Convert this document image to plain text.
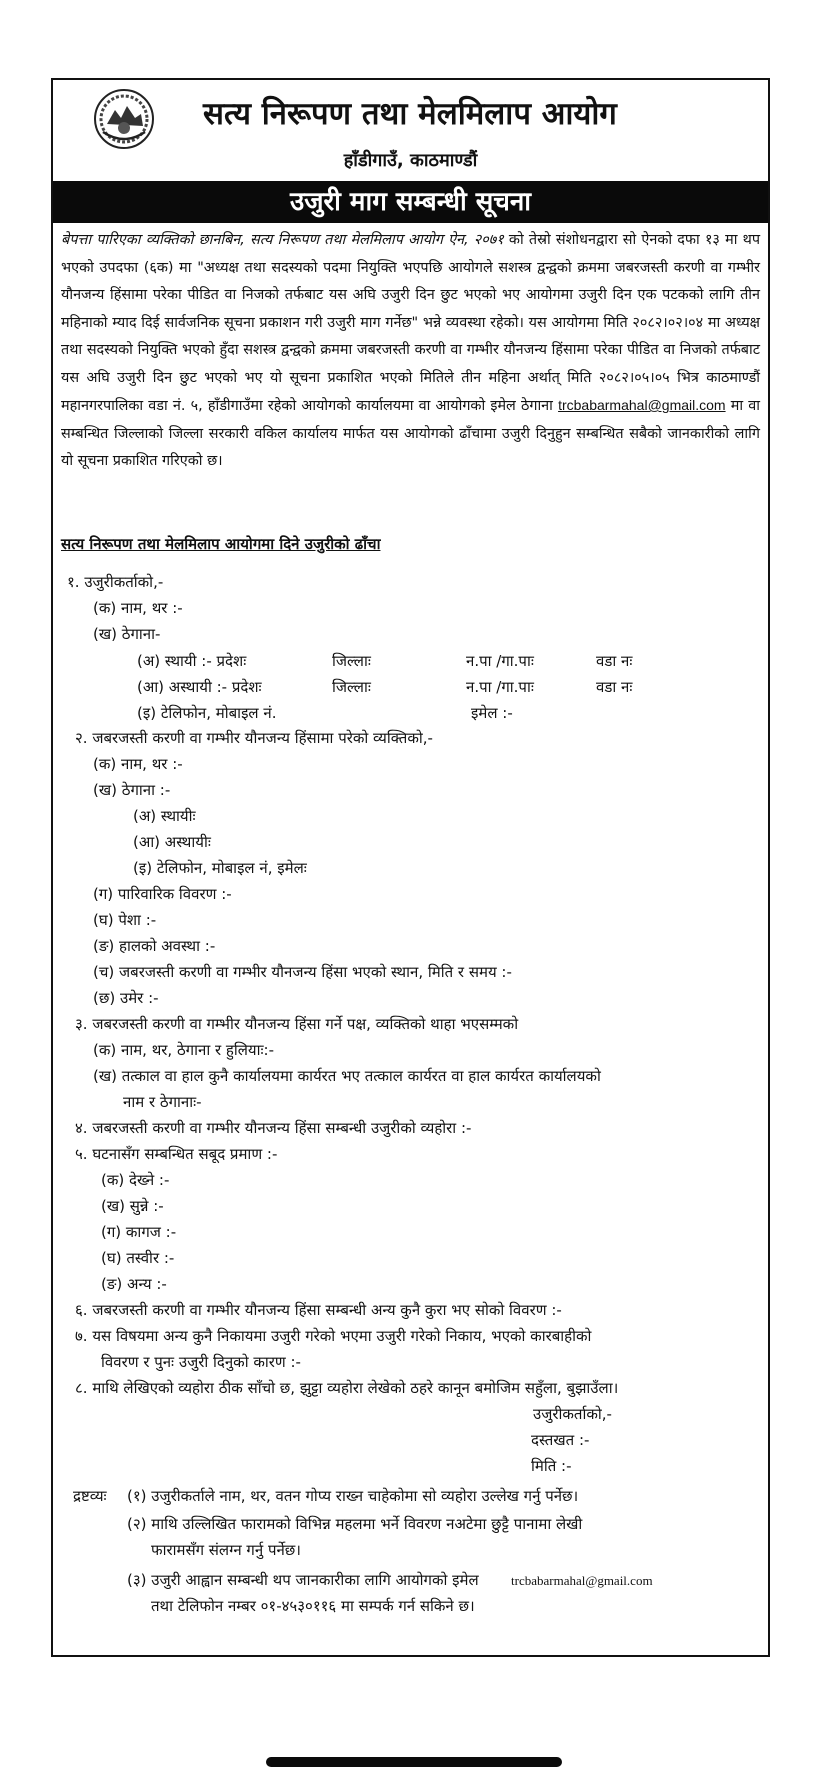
सत्य निरूपण तथा मेलमिलाप आयोग
हाँडीगाउँ, काठमाण्डौं
उजुरी माग सम्बन्धी सूचना
बेपत्ता पारिएका व्यक्तिको छानबिन, सत्य निरूपण तथा मेलमिलाप आयोग ऐन, २०७१ को तेस्रो संशोधनद्वारा सो ऐनको दफा १३ मा थप भएको उपदफा (६क) मा "अध्यक्ष तथा सदस्यको पदमा नियुक्ति भएपछि आयोगले सशस्त्र द्वन्द्वको क्रममा जबरजस्ती करणी वा गम्भीर यौनजन्य हिंसामा परेका पीडित वा निजको तर्फबाट यस अघि उजुरी दिन छुट भएको भए आयोगमा उजुरी दिन एक पटकको लागि तीन महिनाको म्याद दिई सार्वजनिक सूचना प्रकाशन गरी उजुरी माग गर्नेछ" भन्ने व्यवस्था रहेको। यस आयोगमा मिति २०८२।०२।०४ मा अध्यक्ष तथा सदस्यको नियुक्ति भएको हुँदा सशस्त्र द्वन्द्वको क्रममा जबरजस्ती करणी वा गम्भीर यौनजन्य हिंसामा परेका पीडित वा निजको तर्फबाट यस अघि उजुरी दिन छुट भएको भए यो सूचना प्रकाशित भएको मितिले तीन महिना अर्थात् मिति २०८२।०५।०५ भित्र काठमाण्डौं महानगरपालिका वडा नं. ५, हाँडीगाउँमा रहेको आयोगको कार्यालयमा वा आयोगको इमेल ठेगाना trcbabarmahal@gmail.com मा वा सम्बन्धित जिल्लाको जिल्ला सरकारी वकिल कार्यालय मार्फत यस आयोगको ढाँचामा उजुरी दिनुहुन सम्बन्धित सबैको जानकारीको लागि यो सूचना प्रकाशित गरिएको छ।
सत्य निरूपण तथा मेलमिलाप आयोगमा दिने उजुरीको ढाँचा
१. उजुरीकर्ताको,-
(क) नाम, थर :-
(ख) ठेगाना-
(अ) स्थायी :- प्रदेशः	जिल्लाः	न.पा /गा.पाः	वडा नः
(आ) अस्थायी :- प्रदेशः	जिल्लाः	न.पा /गा.पाः	वडा नः
(इ) टेलिफोन, मोबाइल नं.	इमेल :-
२. जबरजस्ती करणी वा गम्भीर यौनजन्य हिंसामा परेको व्यक्तिको,-
(क) नाम, थर :-
(ख) ठेगाना :-
(अ) स्थायीः
(आ) अस्थायीः
(इ) टेलिफोन, मोबाइल नं, इमेलः
(ग) पारिवारिक विवरण :-
(घ) पेशा :-
(ङ) हालको अवस्था :-
(च) जबरजस्ती करणी वा गम्भीर यौनजन्य हिंसा भएको स्थान, मिति र समय :-
(छ) उमेर :-
३. जबरजस्ती करणी वा गम्भीर यौनजन्य हिंसा गर्ने पक्ष, व्यक्तिको थाहा भएसम्मको
(क) नाम, थर, ठेगाना र हुलियाः:-
(ख) तत्काल वा हाल कुनै कार्यालयमा कार्यरत भए तत्काल कार्यरत वा हाल कार्यरत कार्यालयको
नाम र ठेगानाः-
४. जबरजस्ती करणी वा गम्भीर यौनजन्य हिंसा सम्बन्धी उजुरीको व्यहोरा :-
५. घटनासँग सम्बन्धित सबूद प्रमाण :-
(क) देख्ने :-
(ख) सुन्ने :-
(ग) कागज :-
(घ) तस्वीर :-
(ङ) अन्य :-
६. जबरजस्ती करणी वा गम्भीर यौनजन्य हिंसा सम्बन्धी अन्य कुनै कुरा भए सोको विवरण :-
७. यस विषयमा अन्य कुनै निकायमा उजुरी गरेको भएमा उजुरी गरेको निकाय, भएको कारबाहीको
विवरण र पुनः उजुरी दिनुको कारण :-
८. माथि लेखिएको व्यहोरा ठीक साँचो छ, झुट्टा व्यहोरा लेखेको ठहरे कानून बमोजिम सहुँला, बुझाउँला।
उजुरीकर्ताको,-
दस्तखत :-
मिति :-
द्रष्टव्यः (१) उजुरीकर्ताले नाम, थर, वतन गोप्य राख्न चाहेकोमा सो व्यहोरा उल्लेख गर्नु पर्नेछ।
(२) माथि उल्लिखित फारामको विभिन्न महलमा भर्ने विवरण नअटेमा छुट्टै पानामा लेखी
फारामसँग संलग्न गर्नु पर्नेछ।
(३) उजुरी आह्वान सम्बन्धी थप जानकारीका लागि आयोगको इमेल trcbabarmahal@gmail.com
तथा टेलिफोन नम्बर ०१-४५३०११६ मा सम्पर्क गर्न सकिने छ।
